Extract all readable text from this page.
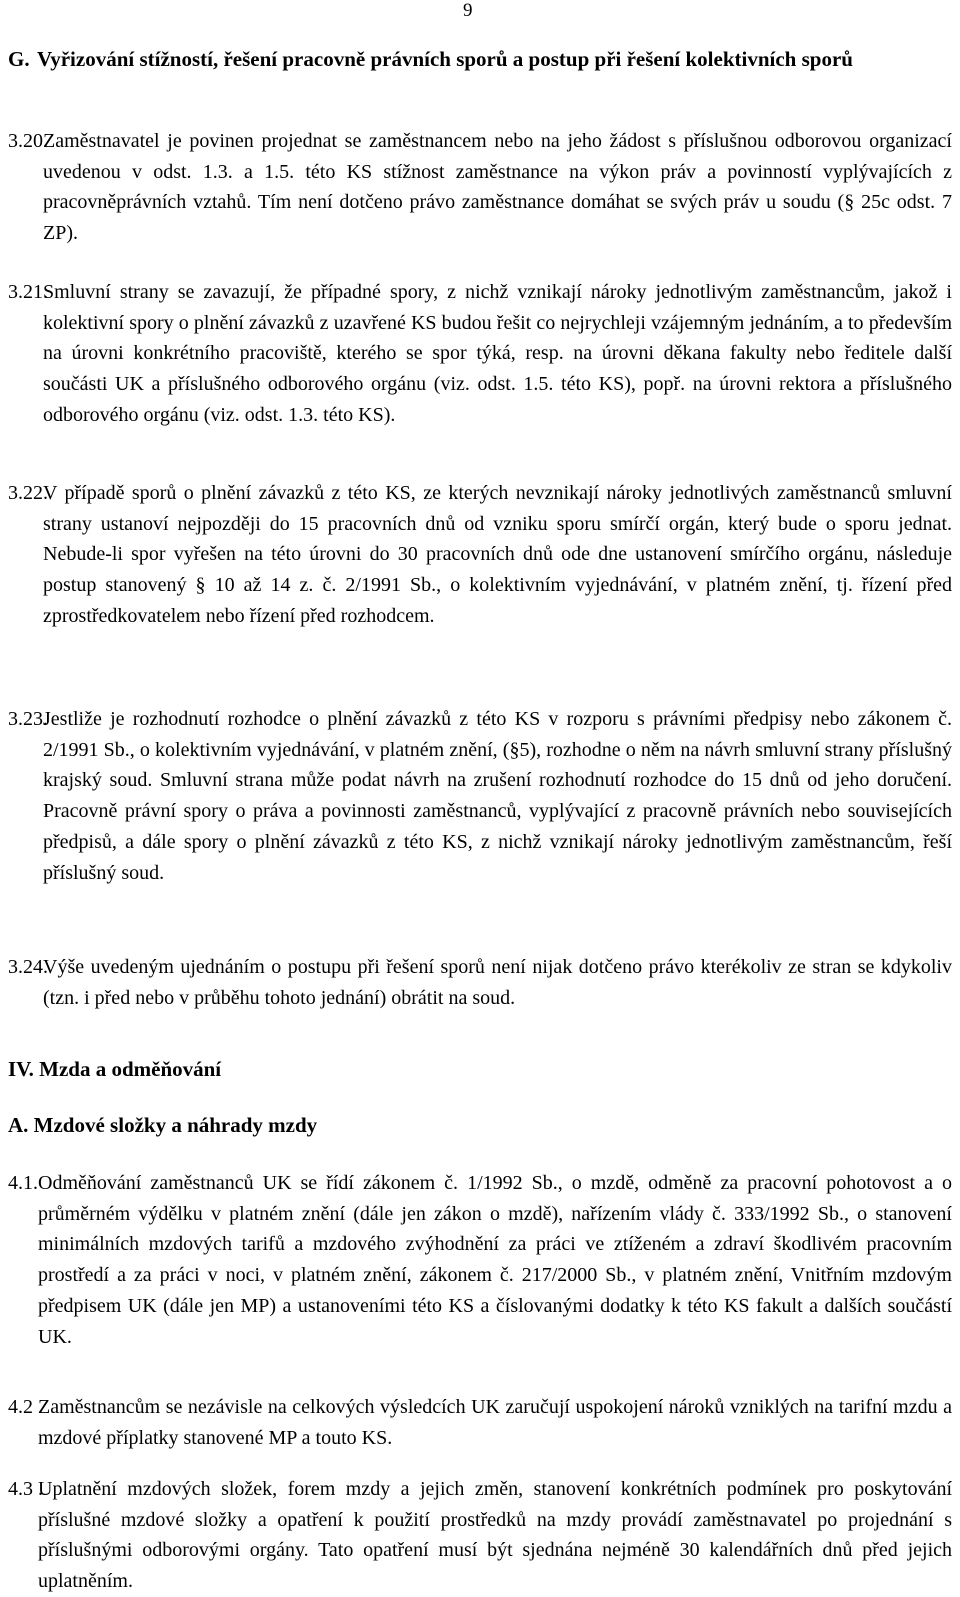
9
G. Vyřizování stížností, řešení pracovně právních sporů a postup při řešení kolektivních sporů
3.20.
Zaměstnavatel je povinen projednat se zaměstnancem nebo na jeho žádost s příslušnou odborovou organizací uvedenou v odst. 1.3. a 1.5. této KS stížnost zaměstnance na výkon práv a povinností vyplývajících z pracovněprávních vztahů. Tím není dotčeno právo zaměstnance domáhat se svých práv u soudu (§ 25c odst. 7 ZP).
3.21.
Smluvní strany se zavazují, že případné spory, z nichž vznikají nároky jednotlivým zaměstnancům, jakož i kolektivní spory o plnění závazků z uzavřené KS budou řešit co nejrychleji vzájemným jednáním, a to především na úrovni konkrétního pracoviště, kterého se spor týká, resp. na úrovni děkana fakulty nebo ředitele další součásti UK a příslušného odborového orgánu (viz. odst. 1.5. této KS), popř. na úrovni rektora a příslušného odborového orgánu (viz. odst. 1.3. této KS).
3.22.
V případě sporů o plnění závazků z této KS, ze kterých nevznikají nároky jednotlivých zaměstnanců smluvní strany ustanoví nejpozději do 15 pracovních dnů od vzniku sporu smírčí orgán, který bude o sporu jednat. Nebude-li spor vyřešen na této úrovni do 30 pracovních dnů ode dne ustanovení smírčího orgánu, následuje postup stanovený § 10 až 14 z. č. 2/1991 Sb., o kolektivním vyjednávání, v platném znění, tj. řízení před zprostředkovatelem nebo řízení před rozhodcem.
3.23.
Jestliže je rozhodnutí rozhodce o plnění závazků z této KS v rozporu s právními předpisy nebo zákonem č. 2/1991 Sb., o kolektivním vyjednávání, v platném znění, (§5), rozhodne o něm na návrh smluvní strany příslušný krajský soud. Smluvní strana může podat návrh na zrušení rozhodnutí rozhodce do 15 dnů od jeho doručení. Pracovně právní spory o práva a povinnosti zaměstnanců, vyplývající z pracovně právních nebo souvisejících předpisů, a dále spory o plnění závazků z této KS, z nichž vznikají nároky jednotlivým zaměstnancům, řeší příslušný soud.
3.24.
Výše uvedeným ujednáním o postupu při řešení sporů není nijak dotčeno právo kterékoliv ze stran se kdykoliv (tzn. i před nebo v průběhu tohoto jednání) obrátit na soud.
IV. Mzda a odměňování
A. Mzdové složky a náhrady mzdy
4.1. Odměňování zaměstnanců UK se řídí zákonem č. 1/1992 Sb., o mzdě, odměně za pracovní pohotovost a o průměrném výdělku v platném znění (dále jen zákon o mzdě), nařízením vlády č. 333/1992 Sb., o stanovení minimálních mzdových tarifů a mzdového zvýhodnění za práci ve ztíženém a zdraví škodlivém pracovním prostředí a za práci v noci, v platném znění, zákonem č. 217/2000 Sb., v platném znění, Vnitřním mzdovým předpisem UK (dále jen MP) a ustanoveními této KS a číslovanými dodatky k této KS fakult a dalších součástí UK.
4.2 .
Zaměstnancům se nezávisle na celkových výsledcích UK zaručují uspokojení nároků vzniklých na tarifní mzdu a mzdové příplatky stanovené MP a touto KS.
4.3 .
Uplatnění mzdových složek, forem mzdy a jejich změn, stanovení konkrétních podmínek pro poskytování příslušné mzdové složky a opatření k použití prostředků na mzdy provádí zaměstnavatel po projednání s příslušnými odborovými orgány. Tato opatření musí být sjednána nejméně 30 kalendářních dnů před jejich uplatněním.
